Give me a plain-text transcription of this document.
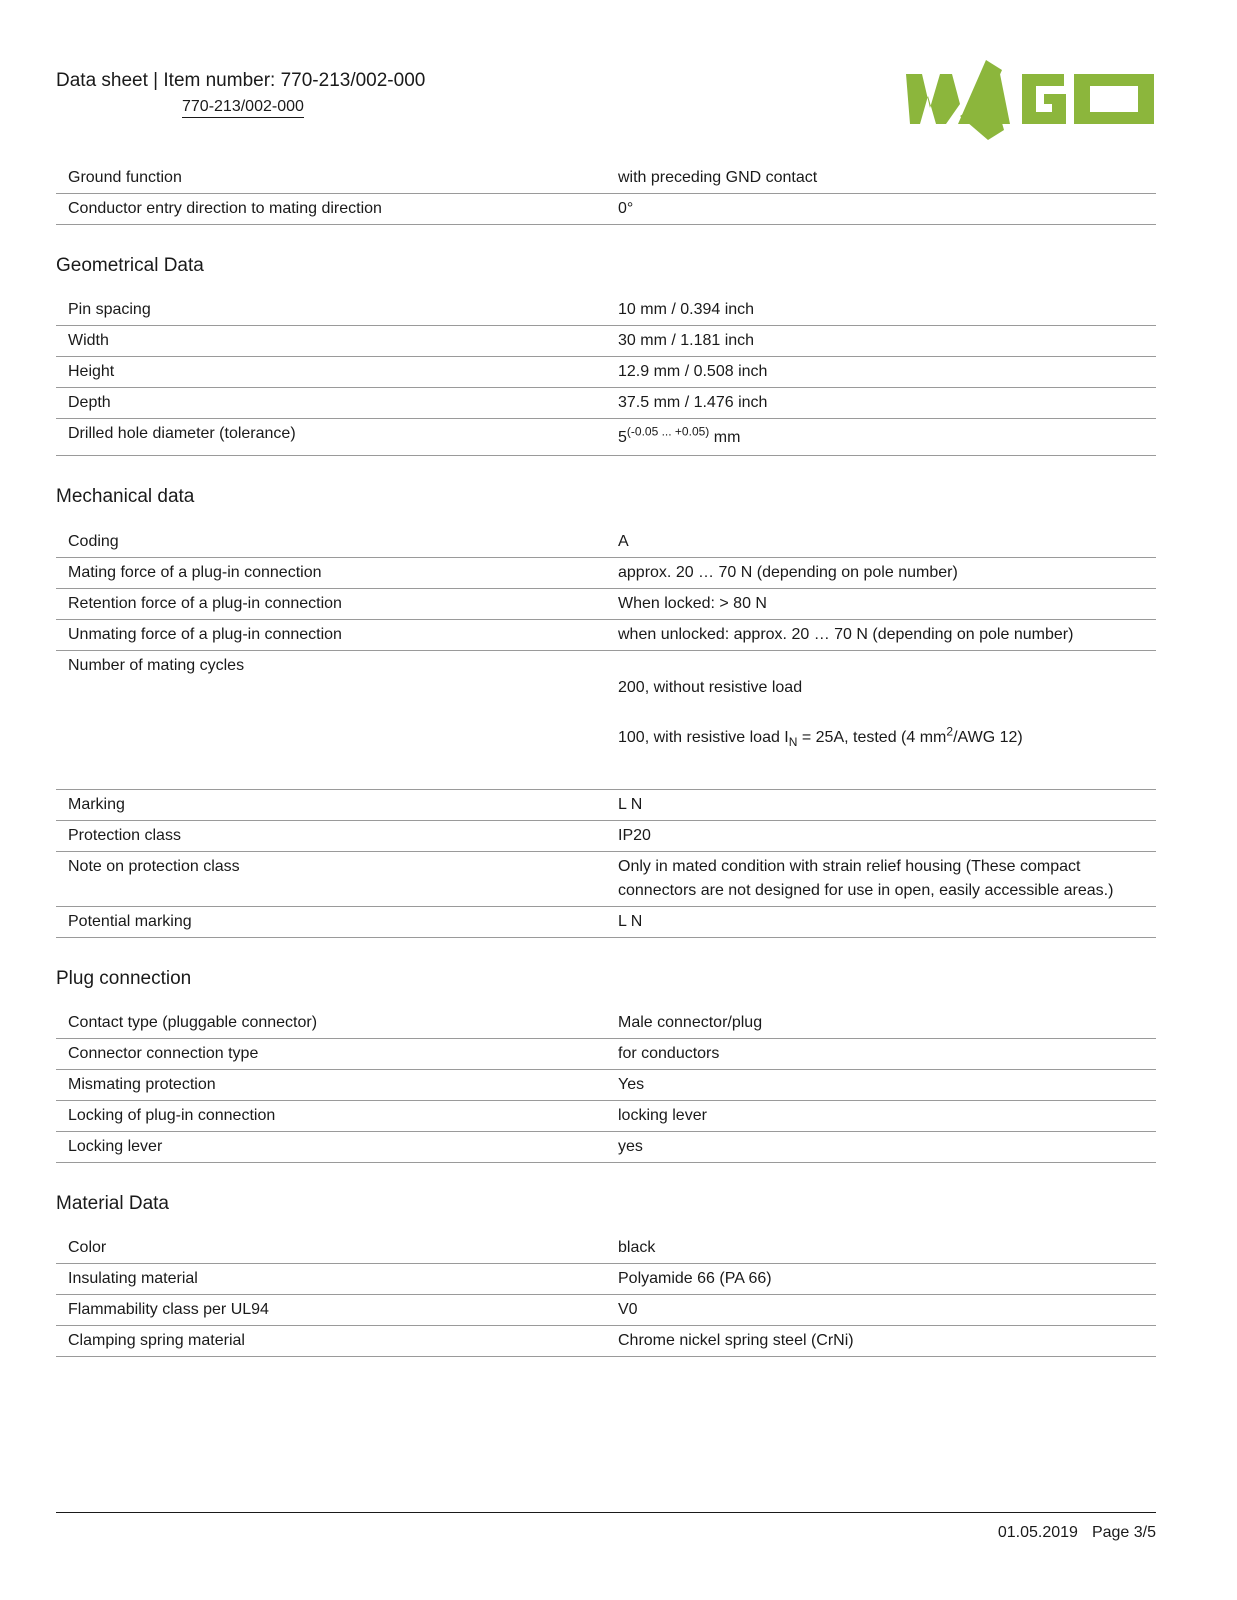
Data sheet | Item number: 770-213/002-000
770-213/002-000
Ground function	with preceding GND contact
Conductor entry direction to mating direction	0°
Geometrical Data
Pin spacing	10 mm / 0.394 inch
Width	30 mm / 1.181 inch
Height	12.9 mm / 0.508 inch
Depth	37.5 mm / 1.476 inch
Drilled hole diameter (tolerance)	$5^{(-0.05 ... +0.05)}$ mm
Mechanical data
Coding	A
Mating force of a plug-in connection	approx. 20 … 70 N (depending on pole number)
Retention force of a plug-in connection	When locked: > 80 N
Unmating force of a plug-in connection	when unlocked: approx. 20 … 70 N (depending on pole number)
Number of mating cycles	200, without resistive load
100, with resistive load $I_N = 25A$, tested (4 $mm^2$/AWG 12)

Marking	L N
Protection class	IP20
Note on protection class	Only in mated condition with strain relief housing (These compact connectors are not designed for use in open, easily accessible areas.)
Potential marking	L N
Plug connection
Contact type (pluggable connector)	Male connector/plug
Connector connection type	for conductors
Mismating protection	Yes
Locking of plug-in connection	locking lever
Locking lever	yes
Material Data
Color	black
Insulating material	Polyamide 66 (PA 66)
Flammability class per UL94	V0
Clamping spring material	Chrome nickel spring steel (CrNi)
01.05.2019 Page 3/5
